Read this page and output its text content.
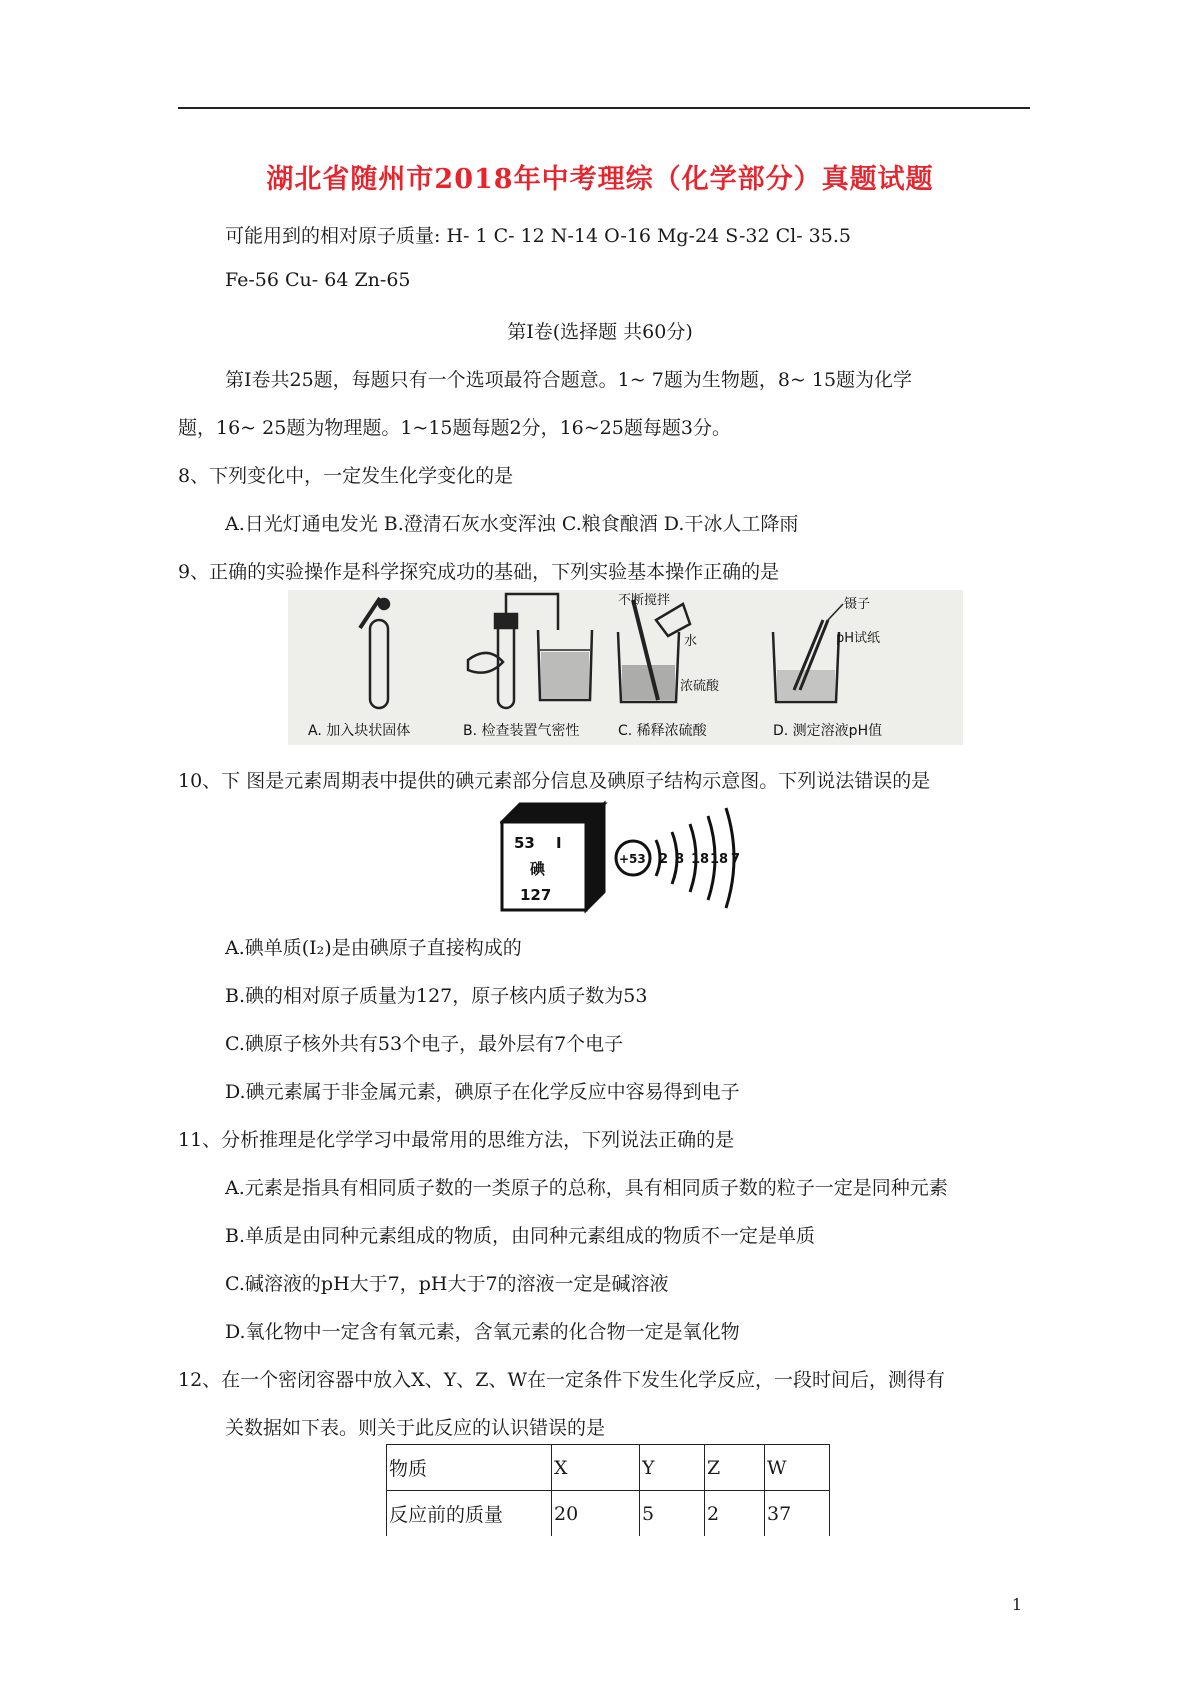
湖北省随州市2018年中考理综（化学部分）真题试题
可能用到的相对原子质量: H- 1 C- 12 N-14 O-16 Mg-24 S-32 Cl- 35.5
Fe-56 Cu- 64 Zn-65
第Ⅰ卷(选择题 共60分)
第Ⅰ卷共25题，每题只有一个选项最符合题意。1~ 7题为生物题，8~ 15题为化学
题，16~ 25题为物理题。1~15题每题2分，16~25题每题3分。
8、下列变化中，一定发生化学变化的是
A.日光灯通电发光 B.澄清石灰水变浑浊 C.粮食酿酒 D.干冰人工降雨
9、正确的实验操作是科学探究成功的基础，下列实验基本操作正确的是
不断搅拌
水
浓硫酸
镊子
pH试纸
A. 加入块状固体	B. 检查装置气密性	C. 稀释浓硫酸	D. 测定溶液pH值
10、下 图是元素周期表中提供的碘元素部分信息及碘原子结构示意图。下列说法错误的是
53 I
碘
127
+53 2 8 18 18 7
A.碘单质(I₂)是由碘原子直接构成的
B.碘的相对原子质量为127，原子核内质子数为53
C.碘原子核外共有53个电子，最外层有7个电子
D.碘元素属于非金属元素，碘原子在化学反应中容易得到电子
11、分析推理是化学学习中最常用的思维方法，下列说法正确的是
A.元素是指具有相同质子数的一类原子的总称，具有相同质子数的粒子一定是同种元素
B.单质是由同种元素组成的物质，由同种元素组成的物质不一定是单质
C.碱溶液的pH大于7，pH大于7的溶液一定是碱溶液
D.氧化物中一定含有氧元素，含氧元素的化合物一定是氧化物
12、在一个密闭容器中放入X、Y、Z、W在一定条件下发生化学反应，一段时间后，测得有
关数据如下表。则关于此反应的认识错误的是
物质	X	Y	Z	W
反应前的质量	20	5	2	37
1
